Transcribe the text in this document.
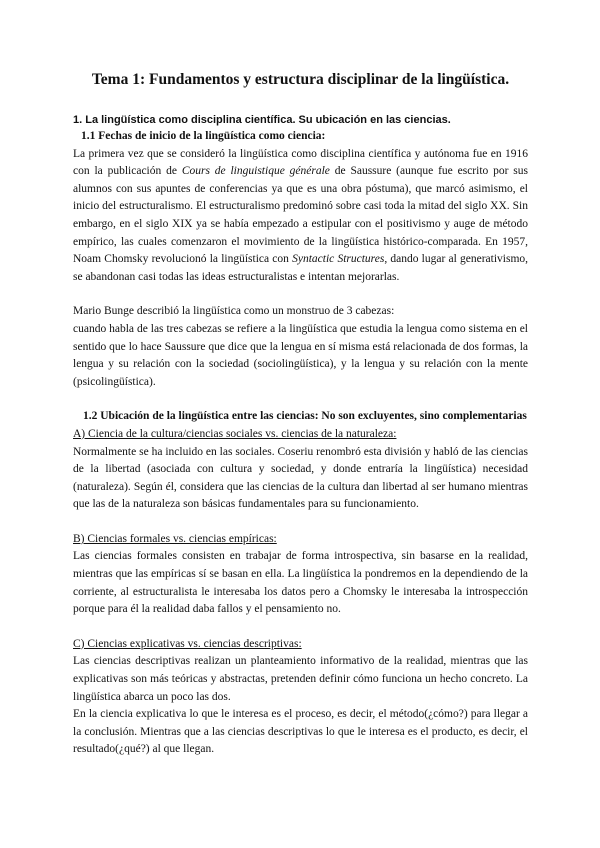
Tema 1: Fundamentos y estructura disciplinar de la lingüística.
1. La lingüística como disciplina científica. Su ubicación en las ciencias.
1.1 Fechas de inicio de la lingüística como ciencia:

La primera vez que se consideró la lingüística como disciplina científica y autónoma fue en 1916 con la publicación de Cours de linguistique générale de Saussure (aunque fue escrito por sus alumnos con sus apuntes de conferencias ya que es una obra póstuma), que marcó asimismo, el inicio del estructuralismo. El estructuralismo predominó sobre casi toda la mitad del siglo XX. Sin embargo, en el siglo XIX ya se había empezado a estipular con el positivismo y auge de método empírico, las cuales comenzaron el movimiento de la lingüística histórico-comparada. En 1957, Noam Chomsky revolucionó la lingüística con Syntactic Structures, dando lugar al generativismo, se abandonan casi todas las ideas estructuralistas e intentan mejorarlas.

Mario Bunge describió la lingüística como un monstruo de 3 cabezas:

cuando habla de las tres cabezas se refiere a la lingüística que estudia la lengua como sistema en el sentido que lo hace Saussure que dice que la lengua en sí misma está relacionada de dos formas, la lengua y su relación con la sociedad (sociolingüística), y la lengua y su relación con la mente (psicolingüística).

1.2 Ubicación de la lingüística entre las ciencias: No son excluyentes, sino complementarias

A) Ciencia de la cultura/ciencias sociales vs. ciencias de la naturaleza:

Normalmente se ha incluido en las sociales. Coseriu renombró esta división y habló de las ciencias de la libertad (asociada con cultura y sociedad, y donde entraría la lingüística) necesidad (naturaleza). Según él, considera que las ciencias de la cultura dan libertad al ser humano mientras que las de la naturaleza son básicas fundamentales para su funcionamiento.

B) Ciencias formales vs. ciencias empíricas:

Las ciencias formales consisten en trabajar de forma introspectiva, sin basarse en la realidad, mientras que las empíricas sí se basan en ella. La lingüística la pondremos en la dependiendo de la corriente, al estructuralista le interesaba los datos pero a Chomsky le interesaba la introspección porque para él la realidad daba fallos y el pensamiento no.

C) Ciencias explicativas vs. ciencias descriptivas:

Las ciencias descriptivas realizan un planteamiento informativo de la realidad, mientras que las explicativas son más teóricas y abstractas, pretenden definir cómo funciona un hecho concreto. La lingüística abarca un poco las dos.

En la ciencia explicativa lo que le interesa es el proceso, es decir, el método(¿cómo?) para llegar a la conclusión. Mientras que a las ciencias descriptivas lo que le interesa es el producto, es decir, el resultado(¿qué?) al que llegan.
